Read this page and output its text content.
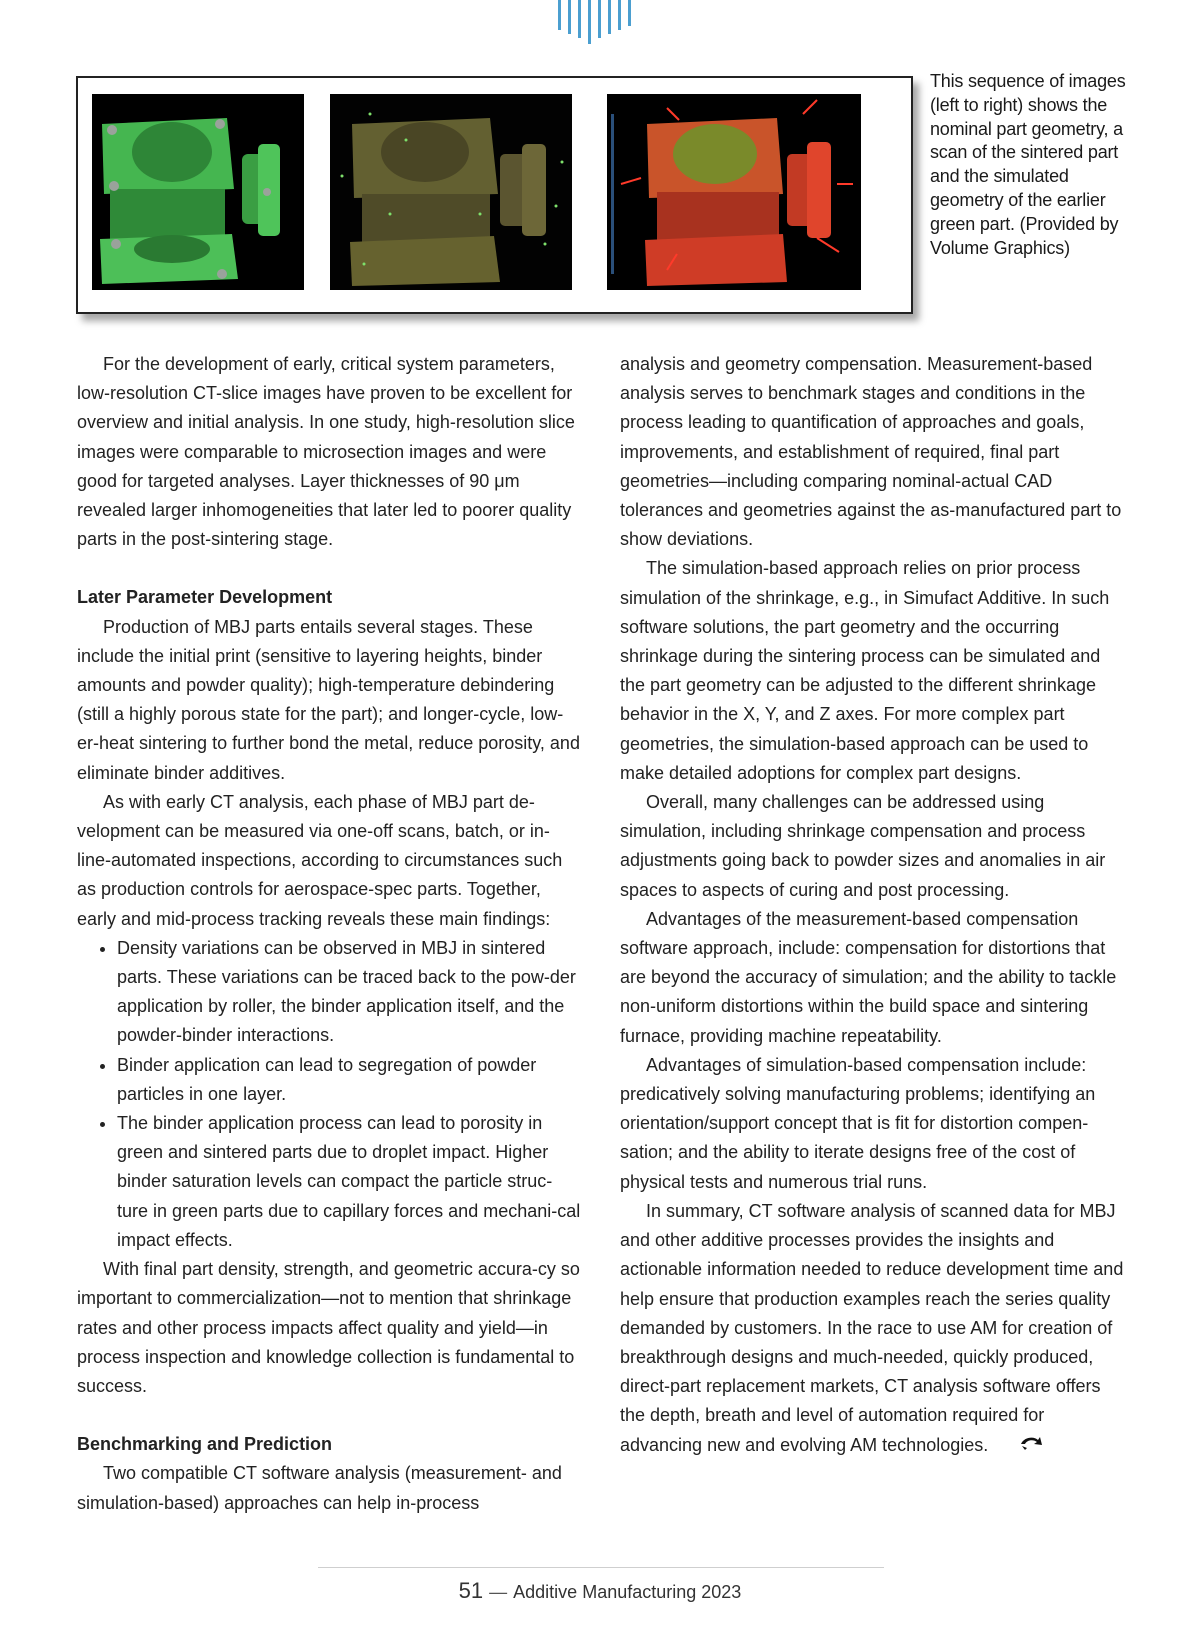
This sequence of images (left to right) shows the nominal part geometry, a scan of the sintered part and the simulated geometry of the earlier green part. (Provided by Volume Graphics)

For the development of early, critical system parameters, low-resolution CT-slice images have proven to be excellent for overview and initial analysis. In one study, high-resolution slice images were comparable to microsection images and were good for targeted analyses. Layer thicknesses of 90 μm revealed larger inhomogeneities that later led to poorer quality parts in the post-sintering stage.

Later Parameter Development

Production of MBJ parts entails several stages. These include the initial print (sensitive to layering heights, binder amounts and powder quality); high-temperature debindering (still a highly porous state for the part); and longer-cycle, low-er-heat sintering to further bond the metal, reduce porosity, and eliminate binder additives.

As with early CT analysis, each phase of MBJ part de-velopment can be measured via one-off scans, batch, or in-line-automated inspections, according to circumstances such as production controls for aerospace-spec parts. Together, early and mid-process tracking reveals these main findings:

• Density variations can be observed in MBJ in sintered parts. These variations can be traced back to the pow-der application by roller, the binder application itself, and the powder-binder interactions.
• Binder application can lead to segregation of powder particles in one layer.
• The binder application process can lead to porosity in green and sintered parts due to droplet impact. Higher binder saturation levels can compact the particle struc-ture in green parts due to capillary forces and mechani-cal impact effects.

With final part density, strength, and geometric accura-cy so important to commercialization—not to mention that shrinkage rates and other process impacts affect quality and yield—in process inspection and knowledge collection is fundamental to success.

Benchmarking and Prediction

Two compatible CT software analysis (measurement- and simulation-based) approaches can help in-process

analysis and geometry compensation. Measurement-based analysis serves to benchmark stages and conditions in the process leading to quantification of approaches and goals, improvements, and establishment of required, final part geometries—including comparing nominal-actual CAD tolerances and geometries against the as-manufactured part to show deviations.

The simulation-based approach relies on prior process simulation of the shrinkage, e.g., in Simufact Additive. In such software solutions, the part geometry and the occurring shrinkage during the sintering process can be simulated and the part geometry can be adjusted to the different shrinkage behavior in the X, Y, and Z axes. For more complex part geometries, the simulation-based approach can be used to make detailed adoptions for complex part designs.

Overall, many challenges can be addressed using simulation, including shrinkage compensation and process adjustments going back to powder sizes and anomalies in air spaces to aspects of curing and post processing.

Advantages of the measurement-based compensation software approach, include: compensation for distortions that are beyond the accuracy of simulation; and the ability to tackle non-uniform distortions within the build space and sintering furnace, providing machine repeatability.

Advantages of simulation-based compensation include: predicatively solving manufacturing problems; identifying an orientation/support concept that is fit for distortion compen-sation; and the ability to iterate designs free of the cost of physical tests and numerous trial runs.

In summary, CT software analysis of scanned data for MBJ and other additive processes provides the insights and actionable information needed to reduce development time and help ensure that production examples reach the series quality demanded by customers. In the race to use AM for creation of breakthrough designs and much-needed, quickly produced, direct-part replacement markets, CT analysis software offers the depth, breath and level of automation required for advancing new and evolving AM technologies.

51 — Additive Manufacturing 2023
